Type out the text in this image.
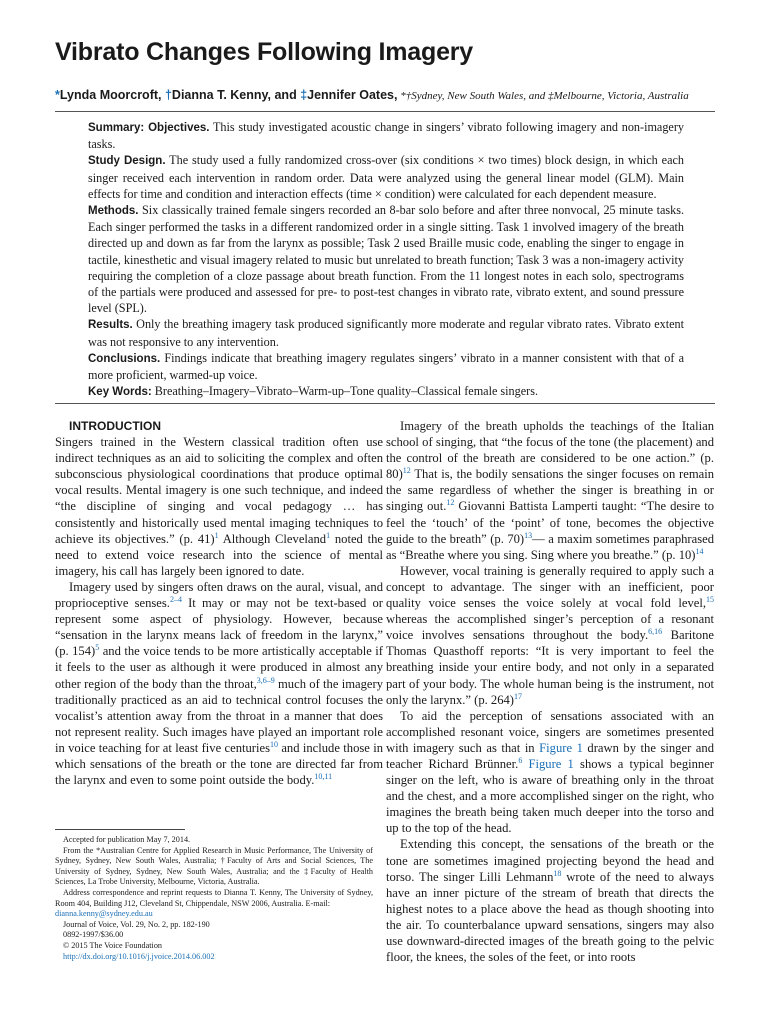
Vibrato Changes Following Imagery
*Lynda Moorcroft, †Dianna T. Kenny, and ‡Jennifer Oates, *†Sydney, New South Wales, and ‡Melbourne, Victoria, Australia

Summary: Objectives. This study investigated acoustic change in singers’ vibrato following imagery and non-imagery tasks.

Study Design. The study used a fully randomized cross-over (six conditions × two times) block design, in which each singer received each intervention in random order. Data were analyzed using the general linear model (GLM). Main effects for time and condition and interaction effects (time × condition) were calculated for each dependent measure.

Methods. Six classically trained female singers recorded an 8-bar solo before and after three nonvocal, 25 minute tasks. Each singer performed the tasks in a different randomized order in a single sitting. Task 1 involved imagery of the breath directed up and down as far from the larynx as possible; Task 2 used Braille music code, enabling the singer to engage in tactile, kinesthetic and visual imagery related to music but unrelated to breath function; Task 3 was a non-imagery activity requiring the completion of a cloze passage about breath function. From the 11 longest notes in each solo, spectrograms of the partials were produced and assessed for pre- to post-test changes in vibrato rate, vibrato extent, and sound pressure level (SPL).

Results. Only the breathing imagery task produced significantly more moderate and regular vibrato rates. Vibrato extent was not responsive to any intervention.

Conclusions. Findings indicate that breathing imagery regulates singers’ vibrato in a manner consistent with that of a more proficient, warmed-up voice.

Key Words: Breathing–Imagery–Vibrato–Warm-up–Tone quality–Classical female singers.

INTRODUCTION

Singers trained in the Western classical tradition often use indirect techniques as an aid to soliciting the complex and often subconscious physiological coordinations that produce optimal vocal results. Mental imagery is one such technique, and indeed “the discipline of singing and vocal pedagogy … has consistently and historically used mental imaging techniques to achieve its objectives.” (p. 41)$^1$ Although Cleveland$^1$ noted the need to extend voice research into the science of mental imagery, his call has largely been ignored to date.

Imagery used by singers often draws on the aural, visual, and proprioceptive senses.$^{2-4}$ It may or may not be text-based or represent some aspect of physiology. However, because “sensation in the larynx means lack of freedom in the larynx,” (p. 154)$^5$ and the voice tends to be more artistically acceptable if it feels to the user as although it were produced in almost any other region of the body than the throat,$^{3,6-9}$ much of the imagery traditionally practiced as an aid to technical control focuses the vocalist’s attention away from the throat in a manner that does not represent reality. Such images have played an important role in voice teaching for at least five centuries$^{10}$ and include those in which sensations of the breath or the tone are directed far from the larynx and even to some point outside the body.$^{10,11}$

Imagery of the breath upholds the teachings of the Italian school of singing, that “the focus of the tone (the placement) and the control of the breath are considered to be one action.” (p. 80)$^{12}$ That is, the bodily sensations the singer focuses on remain the same regardless of whether the singer is breathing in or singing out.$^{12}$ Giovanni Battista Lamperti taught: “The desire to feel the ‘touch’ of the ‘point’ of tone, becomes the objective guide to the breath” (p. 70)$^{13}$— a maxim sometimes paraphrased as “Breathe where you sing. Sing where you breathe.” (p. 10)$^{14}$

However, vocal training is generally required to apply such a concept to advantage. The singer with an inefficient, poor quality voice senses the voice solely at vocal fold level,$^{15}$ whereas the accomplished singer’s perception of a resonant voice involves sensations throughout the body.$^{6,16}$ Baritone Thomas Quasthoff reports: “It is very important to feel the breathing inside your entire body, and not only in a separated part of your body. The whole human being is the instrument, not only the larynx.” (p. 264)$^{17}$

To aid the perception of sensations associated with an accomplished resonant voice, singers are sometimes presented with imagery such as that in Figure 1 drawn by the singer and teacher Richard Brünner.$^6$ Figure 1 shows a typical beginner singer on the left, who is aware of breathing only in the throat and the chest, and a more accomplished singer on the right, who imagines the breath being taken much deeper into the torso and up to the top of the head.

Extending this concept, the sensations of the breath or the tone are sometimes imagined projecting beyond the head and torso. The singer Lilli Lehmann$^{18}$ wrote of the need to always have an inner picture of the stream of breath that directs the highest notes to a place above the head as though shooting into the air. To counterbalance upward sensations, singers may also use downward-directed images of the breath going to the pelvic floor, the knees, the soles of the feet, or into roots

Accepted for publication May 7, 2014.

From the *Australian Centre for Applied Research in Music Performance, The University of Sydney, Sydney, New South Wales, Australia; †Faculty of Arts and Social Sciences, The University of Sydney, Sydney, New South Wales, Australia; and the ‡Faculty of Health Sciences, La Trobe University, Melbourne, Victoria, Australia.

Address correspondence and reprint requests to Dianna T. Kenny, The University of Sydney, Room 404, Building J12, Cleveland St, Chippendale, NSW 2006, Australia. E-mail:

dianna.kenny@sydney.edu.au

Journal of Voice, Vol. 29, No. 2, pp. 182-190

0892-1997/$36.00

© 2015 The Voice Foundation

http://dx.doi.org/10.1016/j.jvoice.2014.06.002
